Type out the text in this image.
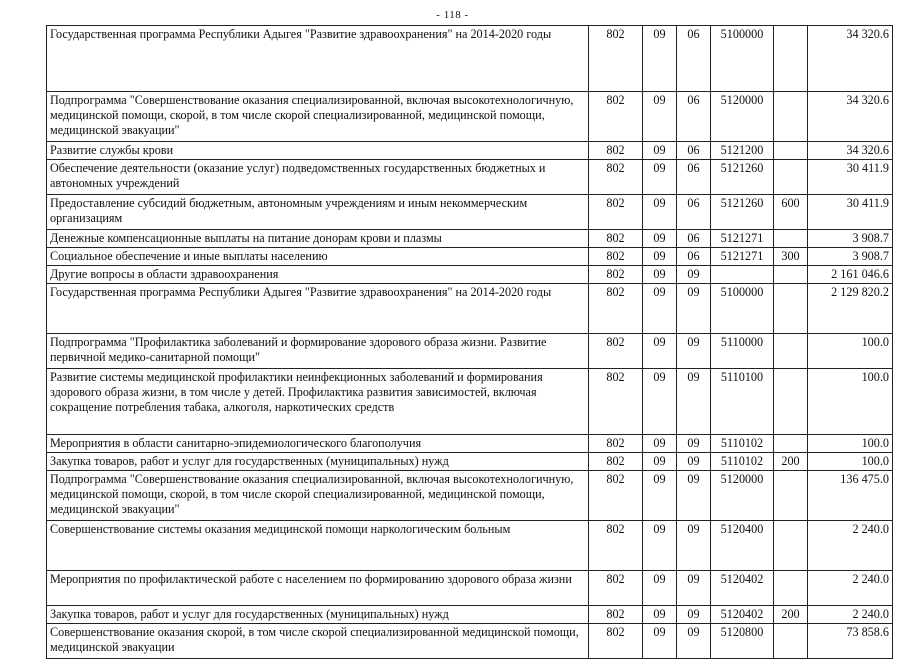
- 118 -
Государственная программа Республики Адыгея "Развитие здравоохранения" на 2014-2020 годы	802	09	06	5100000		34 320.6
Подпрограмма "Совершенствование оказания специализированной, включая высокотехнологичную, медицинской помощи, скорой, в том числе скорой специализированной, медицинской помощи, медицинской эвакуации"	802	09	06	5120000		34 320.6
Развитие службы крови	802	09	06	5121200		34 320.6
Обеспечение деятельности (оказание услуг) подведомственных государственных бюджетных и автономных учреждений	802	09	06	5121260		30 411.9
Предоставление субсидий бюджетным, автономным учреждениям и иным некоммерческим организациям	802	09	06	5121260	600	30 411.9
Денежные компенсационные выплаты на питание донорам крови и плазмы	802	09	06	5121271		3 908.7
Социальное обеспечение и иные выплаты населению	802	09	06	5121271	300	3 908.7
Другие вопросы в области здравоохранения	802	09	09			2 161 046.6
Государственная программа Республики Адыгея "Развитие здравоохранения" на 2014-2020 годы	802	09	09	5100000		2 129 820.2
Подпрограмма "Профилактика заболеваний и формирование здорового образа жизни. Развитие первичной медико-санитарной помощи"	802	09	09	5110000		100.0
Развитие системы медицинской профилактики неинфекционных заболеваний и формирования здорового образа жизни, в том числе у детей. Профилактика развития зависимостей, включая сокращение потребления табака, алкоголя, наркотических средств	802	09	09	5110100		100.0
Мероприятия в области санитарно-эпидемиологического благополучия	802	09	09	5110102		100.0
Закупка товаров, работ и услуг для государственных (муниципальных) нужд	802	09	09	5110102	200	100.0
Подпрограмма "Совершенствование оказания специализированной, включая высокотехнологичную, медицинской помощи, скорой, в том числе скорой специализированной, медицинской помощи, медицинской эвакуации"	802	09	09	5120000		136 475.0
Совершенствование системы оказания медицинской помощи наркологическим больным	802	09	09	5120400		2 240.0
Мероприятия по профилактической работе с населением по формированию здорового образа жизни	802	09	09	5120402		2 240.0
Закупка товаров, работ и услуг для государственных (муниципальных) нужд	802	09	09	5120402	200	2 240.0
Совершенствование оказания скорой, в том числе скорой специализированной медицинской помощи, медицинской эвакуации	802	09	09	5120800		73 858.6
